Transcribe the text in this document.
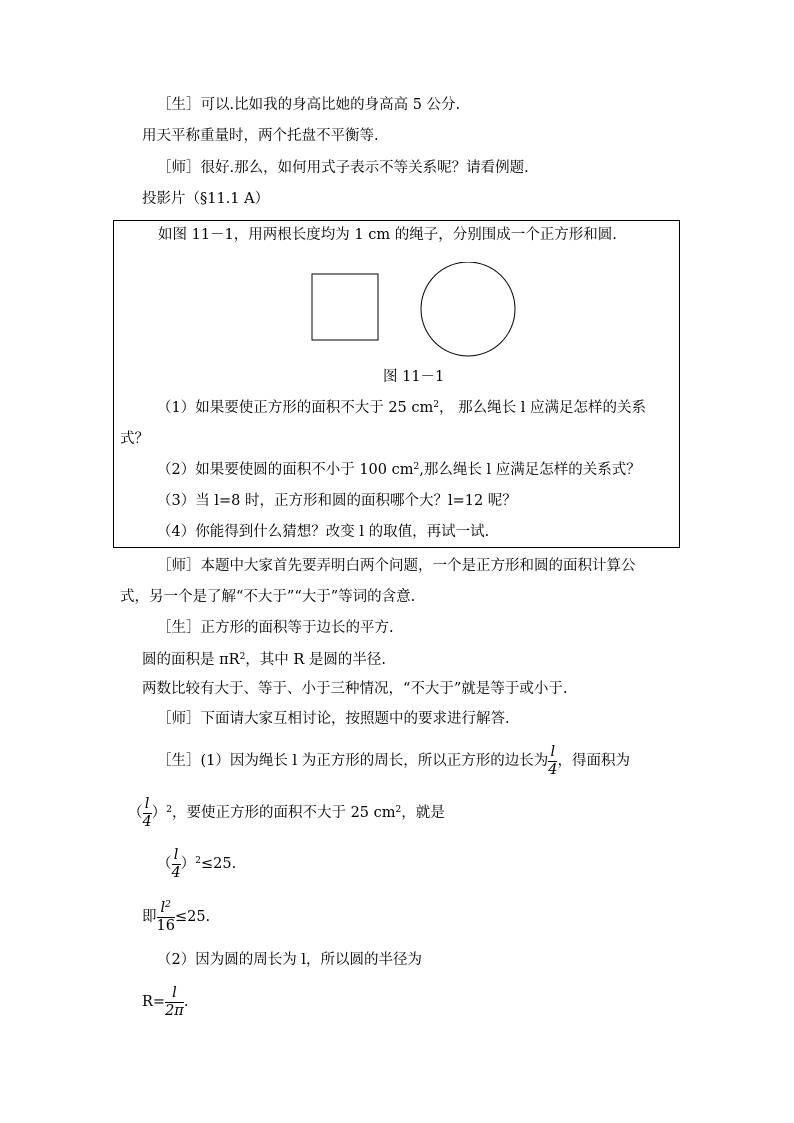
［生］可以.比如我的身高比她的身高高 5 公分.
用天平称重量时，两个托盘不平衡等.
［师］很好.那么，如何用式子表示不等关系呢？请看例题.
投影片（§11.1 A）
如图 11－1，用两根长度均为 1 cm 的绳子，分别围成一个正方形和圆.
图 11－1
（1）如果要使正方形的面积不大于 25 $cm^2$， 那么绳长 l 应满足怎样的关系
式？
（2）如果要使圆的面积不小于 100 $cm^2$,那么绳长 l 应满足怎样的关系式？
（3）当 l=8 时，正方形和圆的面积哪个大？l=12 呢？
（4）你能得到什么猜想？改变 l 的取值，再试一试.
［师］本题中大家首先要弄明白两个问题，一个是正方形和圆的面积计算公
式，另一个是了解“不大于”“大于”等词的含意.
［生］正方形的面积等于边长的平方.
圆的面积是 $\pi R^2$，其中 R 是圆的半径.
两数比较有大于、等于、小于三种情况，“不大于”就是等于或小于.
［师］下面请大家互相讨论，按照题中的要求进行解答.
［生］(1）因为绳长 l 为正方形的周长，所以正方形的边长为 $\frac{l}{4}$ ，得面积为
（ $\frac{l}{4} )^2$，要使正方形的面积不大于 25 $cm^2$，就是
（ $\frac{l}{4} )^2\le 25$.
即 $\frac{l^2}{16} \le 25$.
（2）因为圆的周长为 l，所以圆的半径为
$R= \frac{l}{2\pi}$ .
